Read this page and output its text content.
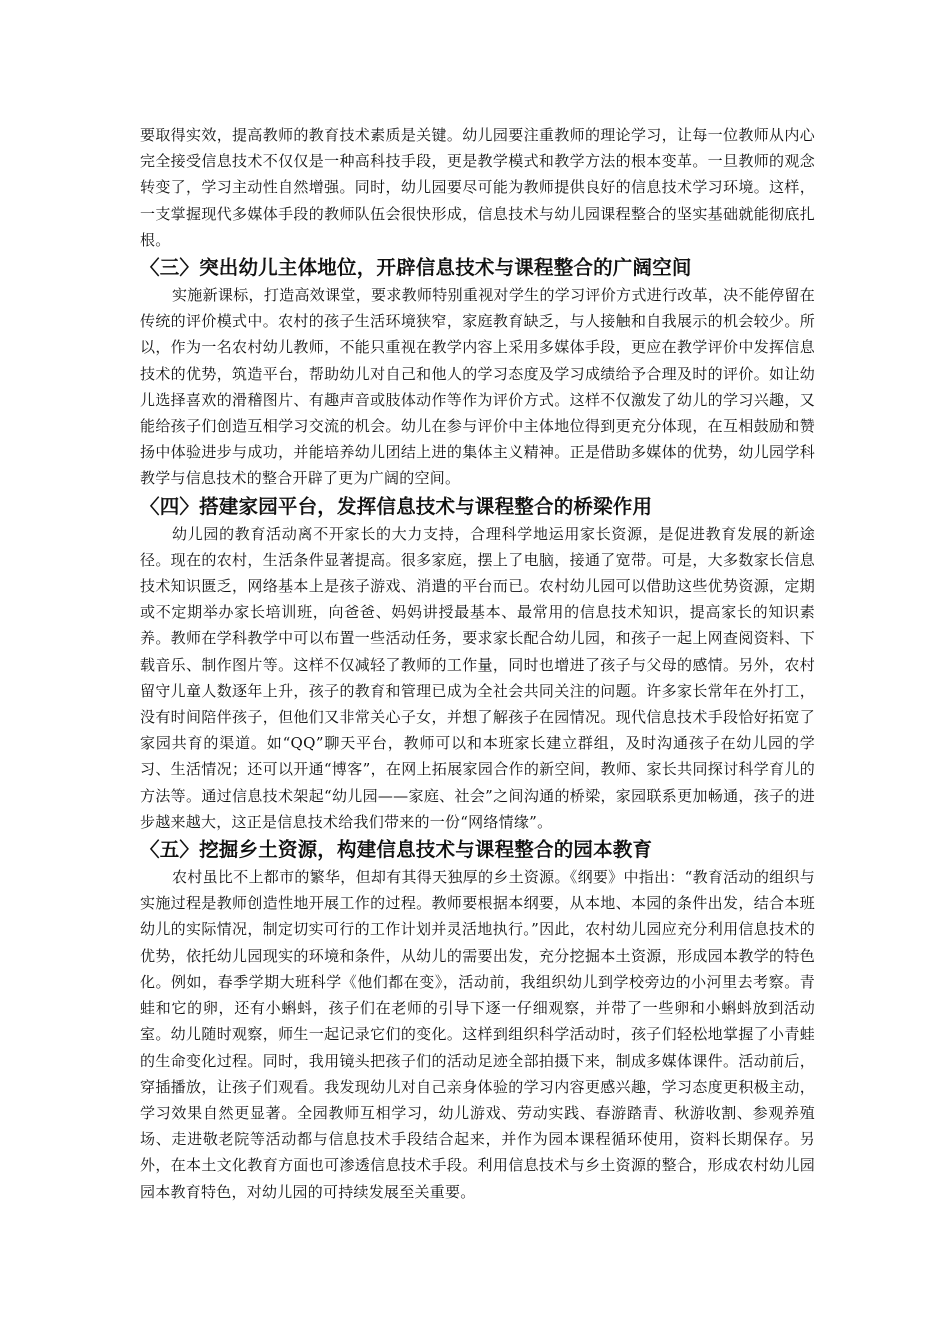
要取得实效，提高教师的教育技术素质是关键。幼儿园要注重教师的理论学习，让每一位教师从内心完全接受信息技术不仅仅是一种高科技手段，更是教学模式和教学方法的根本变革。一旦教师的观念转变了，学习主动性自然增强。同时，幼儿园要尽可能为教师提供良好的信息技术学习环境。这样，一支掌握现代多媒体手段的教师队伍会很快形成，信息技术与幼儿园课程整合的坚实基础就能彻底扎根。

〈三〉突出幼儿主体地位，开辟信息技术与课程整合的广阔空间

实施新课标，打造高效课堂，要求教师特别重视对学生的学习评价方式进行改革，决不能停留在传统的评价模式中。农村的孩子生活环境狭窄，家庭教育缺乏，与人接触和自我展示的机会较少。所以，作为一名农村幼儿教师，不能只重视在教学内容上采用多媒体手段，更应在教学评价中发挥信息技术的优势，筑造平台，帮助幼儿对自己和他人的学习态度及学习成绩给予合理及时的评价。如让幼儿选择喜欢的滑稽图片、有趣声音或肢体动作等作为评价方式。这样不仅激发了幼儿的学习兴趣，又能给孩子们创造互相学习交流的机会。幼儿在参与评价中主体地位得到更充分体现，在互相鼓励和赞扬中体验进步与成功，并能培养幼儿团结上进的集体主义精神。正是借助多媒体的优势，幼儿园学科教学与信息技术的整合开辟了更为广阔的空间。

〈四〉搭建家园平台，发挥信息技术与课程整合的桥梁作用

幼儿园的教育活动离不开家长的大力支持，合理科学地运用家长资源，是促进教育发展的新途径。现在的农村，生活条件显著提高。很多家庭，摆上了电脑，接通了宽带。可是，大多数家长信息技术知识匮乏，网络基本上是孩子游戏、消遣的平台而已。农村幼儿园可以借助这些优势资源，定期或不定期举办家长培训班，向爸爸、妈妈讲授最基本、最常用的信息技术知识，提高家长的知识素养。教师在学科教学中可以布置一些活动任务，要求家长配合幼儿园，和孩子一起上网查阅资料、下载音乐、制作图片等。这样不仅减轻了教师的工作量，同时也增进了孩子与父母的感情。另外，农村留守儿童人数逐年上升，孩子的教育和管理已成为全社会共同关注的问题。许多家长常年在外打工，没有时间陪伴孩子，但他们又非常关心子女，并想了解孩子在园情况。现代信息技术手段恰好拓宽了家园共育的渠道。如“QQ”聊天平台，教师可以和本班家长建立群组，及时沟通孩子在幼儿园的学习、生活情况；还可以开通“博客”，在网上拓展家园合作的新空间，教师、家长共同探讨科学育儿的方法等。通过信息技术架起“幼儿园——家庭、社会”之间沟通的桥梁，家园联系更加畅通，孩子的进步越来越大，这正是信息技术给我们带来的一份“网络情缘”。

〈五〉挖掘乡土资源，构建信息技术与课程整合的园本教育

农村虽比不上都市的繁华，但却有其得天独厚的乡土资源。《纲要》中指出：“教育活动的组织与实施过程是教师创造性地开展工作的过程。教师要根据本纲要，从本地、本园的条件出发，结合本班幼儿的实际情况，制定切实可行的工作计划并灵活地执行。”因此，农村幼儿园应充分利用信息技术的优势，依托幼儿园现实的环境和条件，从幼儿的需要出发，充分挖掘本土资源，形成园本教学的特色化。例如，春季学期大班科学《他们都在变》，活动前，我组织幼儿到学校旁边的小河里去考察。青蛙和它的卵，还有小蝌蚪，孩子们在老师的引导下逐一仔细观察，并带了一些卵和小蝌蚪放到活动室。幼儿随时观察，师生一起记录它们的变化。这样到组织科学活动时，孩子们轻松地掌握了小青蛙的生命变化过程。同时，我用镜头把孩子们的活动足迹全部拍摄下来，制成多媒体课件。活动前后，穿插播放，让孩子们观看。我发现幼儿对自己亲身体验的学习内容更感兴趣，学习态度更积极主动，学习效果自然更显著。全园教师互相学习，幼儿游戏、劳动实践、春游踏青、秋游收割、参观养殖场、走进敬老院等活动都与信息技术手段结合起来，并作为园本课程循环使用，资料长期保存。另外，在本土文化教育方面也可渗透信息技术手段。利用信息技术与乡土资源的整合，形成农村幼儿园园本教育特色，对幼儿园的可持续发展至关重要。
